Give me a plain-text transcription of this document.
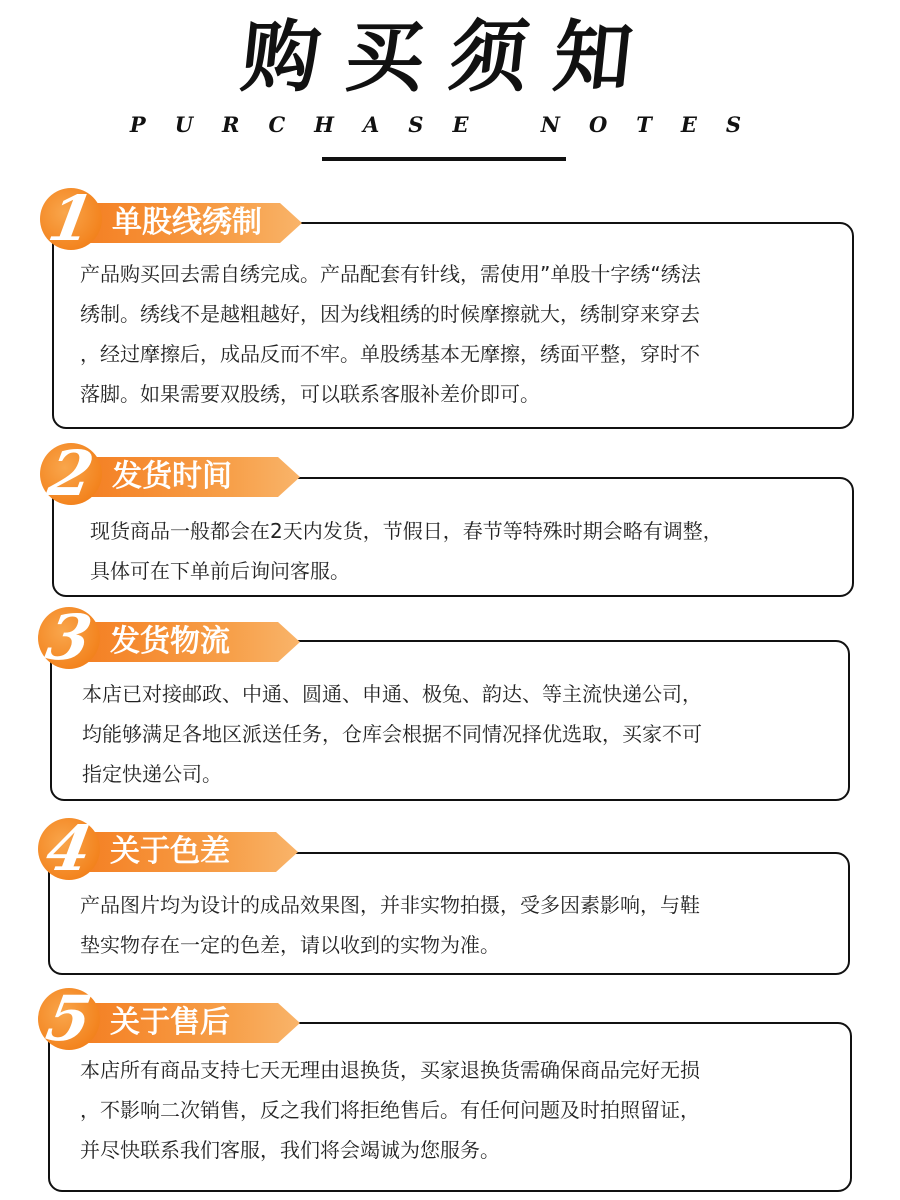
购买须知
PURCHASE NOTES
产品购买回去需自绣完成。产品配套有针线，需使用”单股十字绣“绣法
绣制。绣线不是越粗越好，因为线粗绣的时候摩擦就大，绣制穿来穿去
，经过摩擦后，成品反而不牢。单股绣基本无摩擦，绣面平整，穿时不
落脚。如果需要双股绣，可以联系客服补差价即可。
1 单股线绣制
现货商品一般都会在2天内发货，节假日，春节等特殊时期会略有调整，
具体可在下单前后询问客服。
2 发货时间
本店已对接邮政、中通、圆通、申通、极兔、韵达、等主流快递公司，
均能够满足各地区派送任务，仓库会根据不同情况择优选取，买家不可
指定快递公司。
3 发货物流
产品图片均为设计的成品效果图，并非实物拍摄，受多因素影响，与鞋
垫实物存在一定的色差，请以收到的实物为准。
4 关于色差
本店所有商品支持七天无理由退换货，买家退换货需确保商品完好无损
，不影响二次销售，反之我们将拒绝售后。有任何问题及时拍照留证，
并尽快联系我们客服，我们将会竭诚为您服务。
5 关于售后
